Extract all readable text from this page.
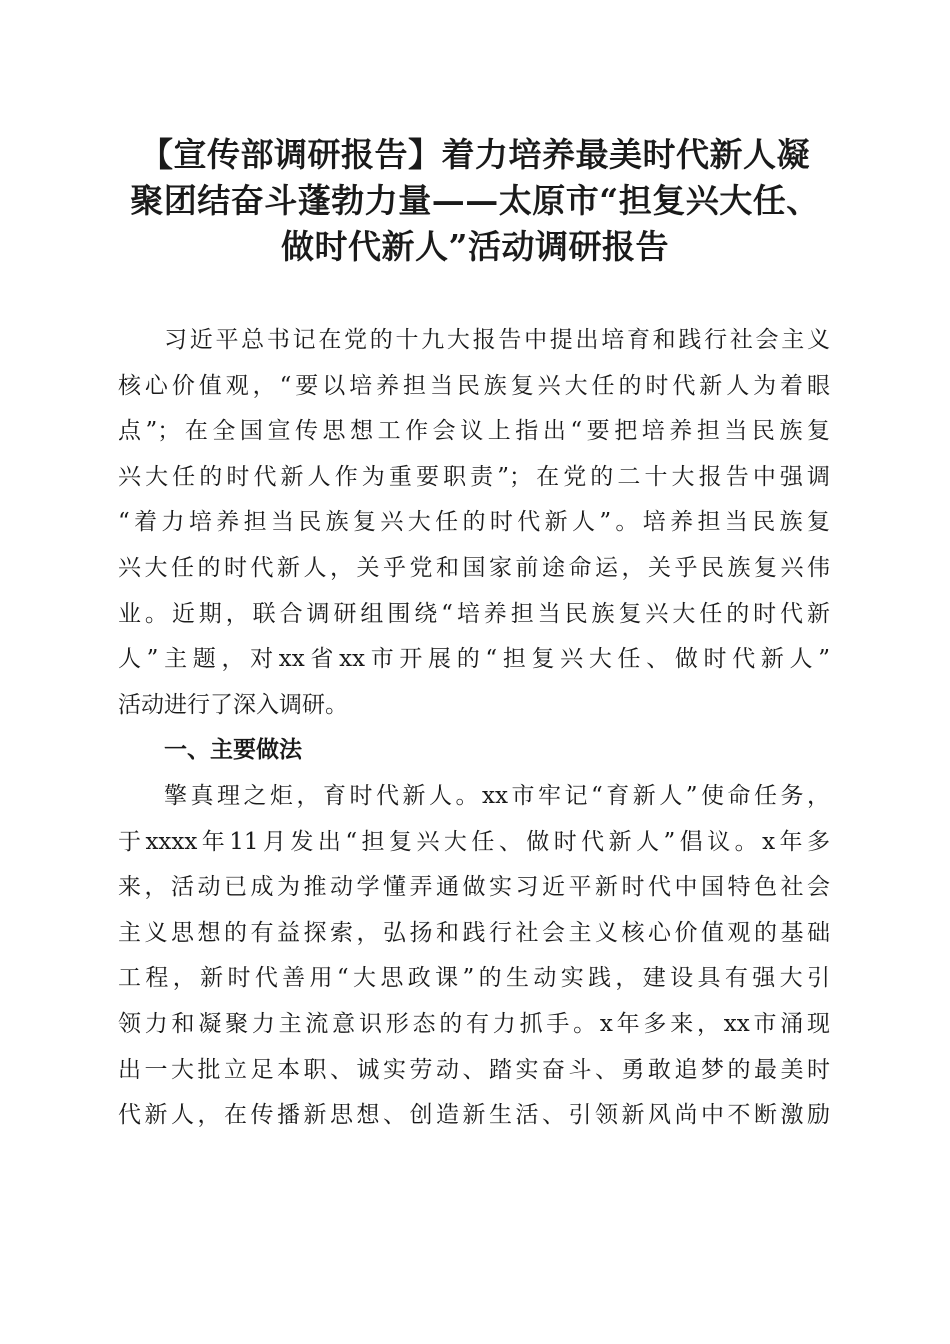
【宣传部调研报告】着力培养最美时代新人凝
聚团结奋斗蓬勃力量——太原市“担复兴大任、
做时代新人”活动调研报告
习近平总书记在党的十九大报告中提出培育和践行社会主义
核心价值观，“要以培养担当民族复兴大任的时代新人为着眼
点”；在全国宣传思想工作会议上指出“要把培养担当民族复
兴大任的时代新人作为重要职责”；在党的二十大报告中强调
“着力培养担当民族复兴大任的时代新人”。培养担当民族复
兴大任的时代新人，关乎党和国家前途命运，关乎民族复兴伟
业。近期，联合调研组围绕“培养担当民族复兴大任的时代新
人”主题，对xx省xx市开展的“担复兴大任、做时代新人”
活动进行了深入调研。
一、主要做法
擎真理之炬，育时代新人。xx市牢记“育新人”使命任务，
于xxxx年11月发出“担复兴大任、做时代新人”倡议。x年多
来，活动已成为推动学懂弄通做实习近平新时代中国特色社会
主义思想的有益探索，弘扬和践行社会主义核心价值观的基础
工程，新时代善用“大思政课”的生动实践，建设具有强大引
领力和凝聚力主流意识形态的有力抓手。x年多来，xx市涌现
出一大批立足本职、诚实劳动、踏实奋斗、勇敢追梦的最美时
代新人，在传播新思想、创造新生活、引领新风尚中不断激励
